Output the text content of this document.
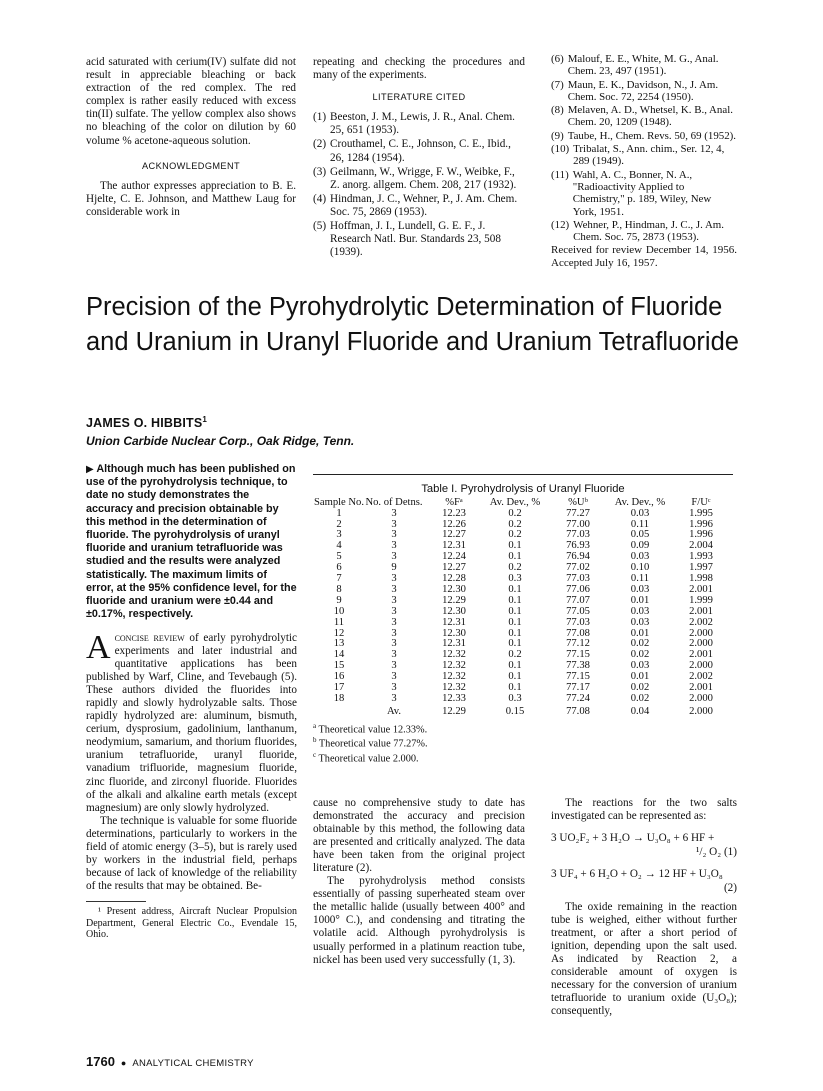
acid saturated with cerium(IV) sulfate did not result in appreciable bleaching or back extraction of the red complex. The red complex is rather easily reduced with excess tin(II) sulfate. The yellow complex also shows no bleaching of the color on dilution by 60 volume % acetone-aqueous solution.

ACKNOWLEDGMENT

The author expresses appreciation to B. E. Hjelte, C. E. Johnson, and Matthew Laug for considerable work in

repeating and checking the procedures and many of the experiments.

LITERATURE CITED
(1) Beeston, J. M., Lewis, J. R., Anal. Chem. 25, 651 (1953).
(2) Crouthamel, C. E., Johnson, C. E., Ibid., 26, 1284 (1954).
(3) Geilmann, W., Wrigge, F. W., Weibke, F., Z. anorg. allgem. Chem. 208, 217 (1932).
(4) Hindman, J. C., Wehner, P., J. Am. Chem. Soc. 75, 2869 (1953).
(5) Hoffman, J. I., Lundell, G. E. F., J. Research Natl. Bur. Standards 23, 508 (1939).
(6) Malouf, E. E., White, M. G., Anal. Chem. 23, 497 (1951).
(7) Maun, E. K., Davidson, N., J. Am. Chem. Soc. 72, 2254 (1950).
(8) Melaven, A. D., Whetsel, K. B., Anal. Chem. 20, 1209 (1948).
(9) Taube, H., Chem. Revs. 50, 69 (1952).
(10) Tribalat, S., Ann. chim., Ser. 12, 4, 289 (1949).
(11) Wahl, A. C., Bonner, N. A., "Radioactivity Applied to Chemistry," p. 189, Wiley, New York, 1951.
(12) Wehner, P., Hindman, J. C., J. Am. Chem. Soc. 75, 2873 (1953).

Received for review December 14, 1956. Accepted July 16, 1957.

Precision of the Pyrohydrolytic Determination of Fluoride and Uranium in Uranyl Fluoride and Uranium Tetrafluoride
JAMES O. HIBBITS$^1$
Union Carbide Nuclear Corp., Oak Ridge, Tenn.

▶ Although much has been published on use of the pyrohydrolysis technique, to date no study demonstrates the accuracy and precision obtainable by this method in the determination of fluoride. The pyrohydrolysis of uranyl fluoride and uranium tetrafluoride was studied and the results were analyzed statistically. The maximum limits of error, at the 95% confidence level, for the fluoride and uranium were ±0.44 and ±0.17%, respectively.

Aconcise review of early pyrohydrolytic experiments and later industrial and quantitative applications has been published by Warf, Cline, and Tevebaugh (5). These authors divided the fluorides into rapidly and slowly hydrolyzable salts. Those rapidly hydrolyzed are: aluminum, bismuth, cerium, dysprosium, gadolinium, lanthanum, neodymium, samarium, and thorium fluorides, uranium tetrafluoride, uranyl fluoride, vanadium trifluoride, magnesium fluoride, zinc fluoride, and zirconyl fluoride. Fluorides of the alkali and alkaline earth metals (except magnesium) are only slowly hydrolyzed.

The technique is valuable for some fluoride determinations, particularly to workers in the field of atomic energy (3–5), but is rarely used by workers in the industrial field, perhaps because of lack of knowledge of the reliability of the results that may be obtained. Be-

¹ Present address, Aircraft Nuclear Propulsion Department, General Electric Co., Evendale 15, Ohio.

Table I. Pyrohydrolysis of Uranyl Fluoride
Sample No.	No. of Detns.	%Fᵃ	Av. Dev., %	%Uᵇ	Av. Dev., %	F/Uᶜ
1	3	12.23	0.2	77.27	0.03	1.995
2	3	12.26	0.2	77.00	0.11	1.996
3	3	12.27	0.2	77.03	0.05	1.996
4	3	12.31	0.1	76.93	0.09	2.004
5	3	12.24	0.1	76.94	0.03	1.993
6	9	12.27	0.2	77.02	0.10	1.997
7	3	12.28	0.3	77.03	0.11	1.998
8	3	12.30	0.1	77.06	0.03	2.001
9	3	12.29	0.1	77.07	0.01	1.999
10	3	12.30	0.1	77.05	0.03	2.001
11	3	12.31	0.1	77.03	0.03	2.002
12	3	12.30	0.1	77.08	0.01	2.000
13	3	12.31	0.1	77.12	0.02	2.000
14	3	12.32	0.2	77.15	0.02	2.001
15	3	12.32	0.1	77.38	0.03	2.000
16	3	12.32	0.1	77.15	0.01	2.002
17	3	12.32	0.1	77.17	0.02	2.001
18	3	12.33	0.3	77.24	0.02	2.000
	Av.	12.29	0.15	77.08	0.04	2.000
$^a$ Theoretical value 12.33%.
$^b$ Theoretical value 77.27%.
$^c$ Theoretical value 2.000.

cause no comprehensive study to date has demonstrated the accuracy and precision obtainable by this method, the following data are presented and critically analyzed. The data have been taken from the original project literature (2).

The pyrohydrolysis method consists essentially of passing superheated steam over the metallic halide (usually between 400° and 1000° C.), and condensing and titrating the volatile acid. Although pyrohydrolysis is usually performed in a platinum reaction tube, nickel has been used very successfully (1, 3).

The reactions for the two salts investigated can be represented as:

3 UO₂F₂ + 3 H₂O → U₃O₈ + 6 HF +
¹/₂ O₂ (1)
3 UF₄ + 6 H₂O + O₂ → 12 HF + U₃O₈
(2)

The oxide remaining in the reaction tube is weighed, either without further treatment, or after a short period of ignition, depending upon the salt used. As indicated by Reaction 2, a considerable amount of oxygen is necessary for the conversion of uranium tetrafluoride to uranium oxide (U₃O₈); consequently,

1760 ● ANALYTICAL CHEMISTRY
